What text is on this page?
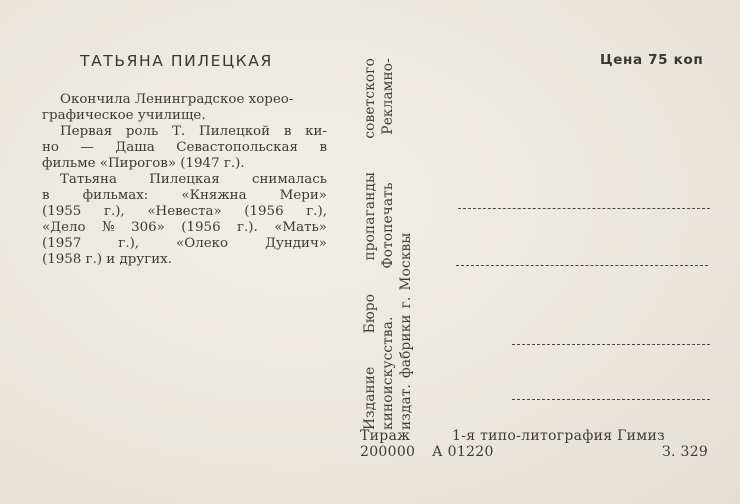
ТАТЬЯНА ПИЛЕЦКАЯ
Окончила Ленинградское хорео-
графическое училище.
Первая роль Т. Пилецкой в ки-
но — Даша Севастопольская в
фильме «Пирогов» (1947 г.).
Татьяна Пилецкая снималась
в фильмах: «Княжна Мери»
(1955 г.), «Невеста» (1956 г.),
«Дело № 306» (1956 г.). «Мать»
(1957	г.),	«Олеко	Дундич»
(1958 г.) и других.
Издание
Бюро
пропаганды
советского
киноискусства.
Фотопечать
Рекламно-
издат.
фабрики
г.
Москвы
Цена 75 коп
Тираж
200000
1-я типо-литография Гимиз
А 01220	З. 329
